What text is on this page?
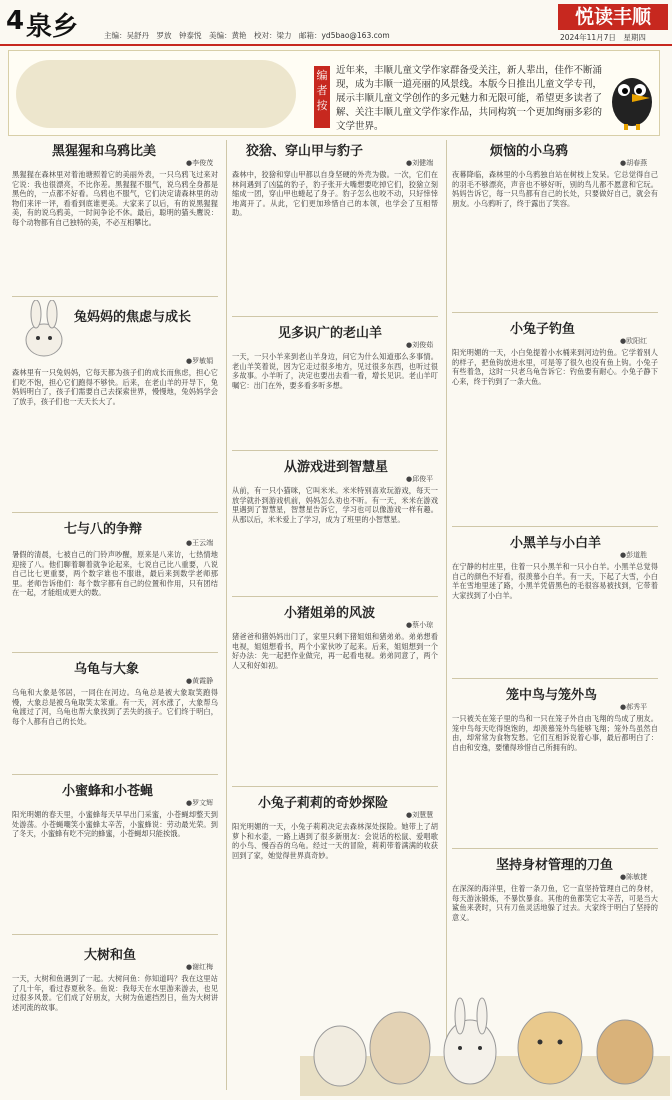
4 泉乡	主编：吴舒丹　罗放　钟泰悦　美编：黄艳　校对：梁力　邮箱：yd5bao@163.com
悦读丰顺
2024年11月7日　星期四
编者按
近年来，丰顺儿童文学作家群备受关注，新人辈出，佳作不断涌现，成为丰顺一道亮丽的风景线。本版今日推出儿童文学专刊，展示丰顺儿童文学创作的多元魅力和无限可能，希望更多读者了解、关注丰顺儿童文学作家作品，共同构筑一个更加绚丽多彩的文学世界。
黑猩猩和乌鸦比美
●李俊茂
黑猩猩在森林里对着池塘照着它的美丽外表，一只乌鸦飞过来对它说：我也很漂亮，不比你差。黑猩猩不服气，说乌鸦全身都是黑色的，一点都不好看。乌鸦也不服气，它们决定请森林里的动物们来评一评，看看到底谁更美。大家来了以后，有的说黑猩猩美，有的说乌鸦美，一时间争论不休。最后，聪明的猫头鹰说：每个动物都有自己独特的美，不必互相攀比。
兔妈妈的焦虑与成长
●罗敏娟
森林里有一只兔妈妈，它每天都为孩子们的成长而焦虑，担心它们吃不饱，担心它们跑得不够快。后来，在老山羊的开导下，兔妈妈明白了，孩子们需要自己去探索世界，慢慢地，兔妈妈学会了放手，孩子们也一天天长大了。
七与八的争辩
●王云端
暑假的清晨，七被自己的门铃声吵醒，原来是八来访，七热情地迎接了八。他们聊着聊着就争论起来，七说自己比八重要，八说自己比七更重要，两个数字谁也不服谁，最后来到数学老师那里。老师告诉他们：每个数字都有自己的位置和作用，只有团结在一起，才能组成更大的数。
乌龟与大象
●黄霞静
乌龟和大象是邻居，一同住在河边。乌龟总是被大象取笑跑得慢，大象总是被乌龟取笑太笨重。有一天，河水涨了，大象帮乌龟渡过了河，乌龟也帮大象找到了丢失的孩子。它们终于明白，每个人都有自己的长处。
小蜜蜂和小苍蝇
●罗文辉
阳光明媚的春天里，小蜜蜂每天早早出门采蜜，小苍蝇却整天到处游荡。小苍蝇嘲笑小蜜蜂太辛苦，小蜜蜂说：劳动最光荣。到了冬天，小蜜蜂有吃不完的蜂蜜，小苍蝇却只能挨饿。
大树和鱼
●谢红梅
一天，大树和鱼遇到了一起。大树问鱼：你知道吗？我在这里站了几十年，看过春夏秋冬。鱼说：我每天在水里游来游去，也见过很多风景。它们成了好朋友，大树为鱼遮挡烈日，鱼为大树讲述河流的故事。
狡猞、穿山甲与豹子
●刘健端
森林中，狡猞和穿山甲都以自身坚硬的外壳为傲。一次，它们在林间遇到了凶猛的豹子，豹子张开大嘴想要吃掉它们，狡猞立刻缩成一团，穿山甲也蜷起了身子。豹子怎么也咬不动，只好悻悻地离开了。从此，它们更加珍惜自己的本领，也学会了互相帮助。
见多识广的老山羊
●刘俊茹
一天，一只小羊来到老山羊身边，问它为什么知道那么多事情。老山羊笑着说，因为它走过很多地方，见过很多东西，也听过很多故事。小羊听了，决定也要出去看一看，增长见识。老山羊叮嘱它：出门在外，要多看多听多想。
从游戏进到智慧星
●邱俊平
从前，有一只小猫咪，它叫米米。米米特别喜欢玩游戏，每天一放学就扑到游戏机前，妈妈怎么劝也不听。有一天，米米在游戏里遇到了智慧星，智慧星告诉它，学习也可以像游戏一样有趣。从那以后，米米爱上了学习，成为了班里的小智慧星。
小猪姐弟的风波
●蔡小琼
猪爸爸和猪妈妈出门了，家里只剩下猪姐姐和猪弟弟。弟弟想看电视，姐姐想看书，两个小家伙吵了起来。后来，姐姐想到一个好办法：先一起把作业做完，再一起看电视。弟弟同意了，两个人又和好如初。
小兔子莉莉的奇妙探险
●刘慧慧
阳光明媚的一天，小兔子莉莉决定去森林深处探险。她带上了胡萝卜和水壶，一路上遇到了很多新朋友：会说话的松鼠、爱唱歌的小鸟、慢吞吞的乌龟。经过一天的冒险，莉莉带着满满的收获回到了家，她觉得世界真奇妙。
烦恼的小乌鸦
●胡春燕
夜幕降临，森林里的小乌鸦独自站在树枝上发呆。它总觉得自己的羽毛不够漂亮，声音也不够好听，别的鸟儿都不愿意和它玩。妈妈告诉它，每一只鸟都有自己的长处，只要做好自己，就会有朋友。小乌鸦听了，终于露出了笑容。
小兔子钓鱼
●欧阳红
阳光明媚的一天，小白兔提着小水桶来到河边钓鱼。它学着别人的样子，把鱼钩放进水里，可是等了很久也没有鱼上钩。小兔子有些着急，这时一只老乌龟告诉它：钓鱼要有耐心。小兔子静下心来，终于钓到了一条大鱼。
小黑羊与小白羊
●彭道胜
在宁静的村庄里，住着一只小黑羊和一只小白羊。小黑羊总觉得自己的颜色不好看，很羡慕小白羊。有一天，下起了大雪，小白羊在雪地里迷了路，小黑羊凭借黑色的毛很容易被找到，它带着大家找到了小白羊。
笼中鸟与笼外鸟
●郝秀平
一只被关在笼子里的鸟和一只在笼子外自由飞翔的鸟成了朋友。笼中鸟每天吃得饱饱的，却羡慕笼外鸟能够飞翔；笼外鸟虽然自由，却常常为食物发愁。它们互相诉说着心事，最后都明白了：自由和安逸，要懂得珍惜自己所拥有的。
坚持身材管理的刀鱼
●陈敏捷
在深深的海洋里，住着一条刀鱼，它一直坚持管理自己的身材，每天游泳锻炼，不暴饮暴食。其他的鱼都笑它太辛苦，可是当大鲨鱼来袭时，只有刀鱼灵活地躲了过去。大家终于明白了坚持的意义。
